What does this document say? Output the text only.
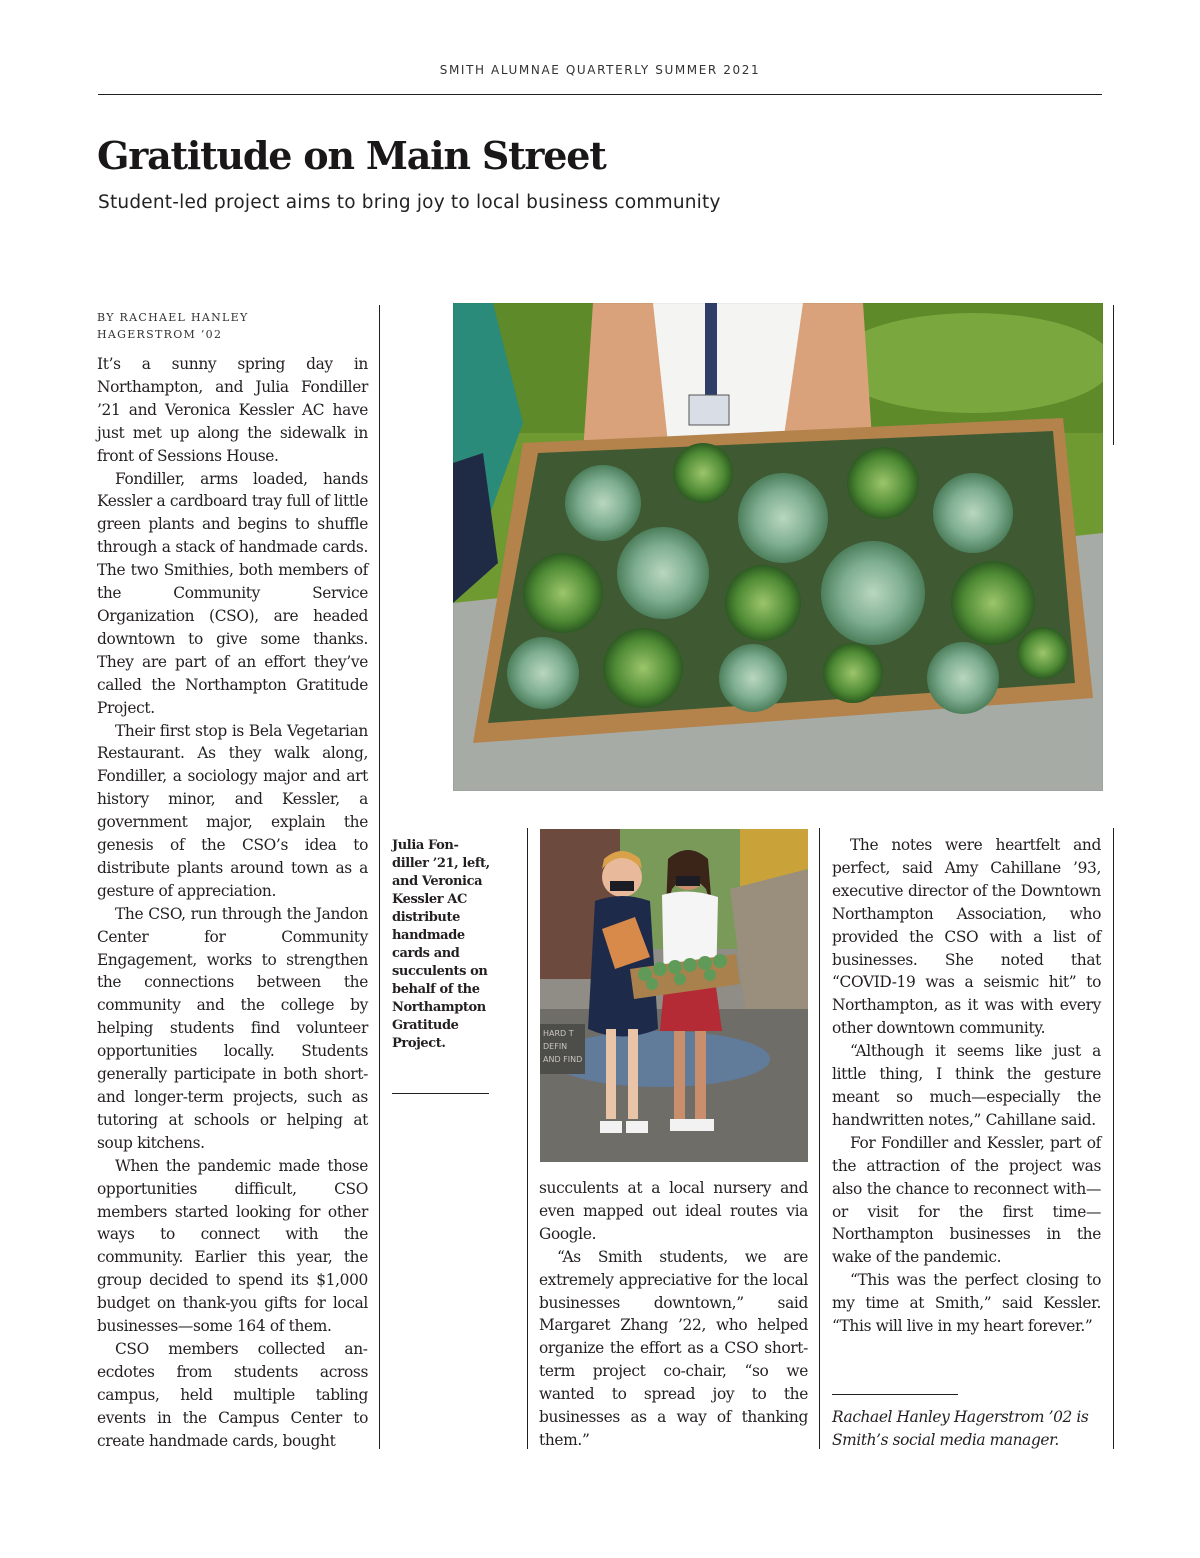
SMITH ALUMNAE QUARTERLY SUMMER 2021
Gratitude on Main Street

Student-led project aims to bring joy to local business community

BY RACHAEL HANLEY
HAGERSTROM ’02

It’s a sunny spring day in Northampton, and Julia Fondiller ’21 and Veronica Kessler AC have just met up along the sidewalk in front of Sessions House.

Fondiller, arms loaded, hands Kessler a cardboard tray full of little green plants and begins to shuffle through a stack of handmade cards. The two Smithies, both members of the Community Service Organization (CSO), are headed downtown to give some thanks. They are part of an effort they’ve called the Northampton Gratitude Project.

Their first stop is Bela Vegetarian Restaurant. As they walk along, Fondiller, a sociology major and art history minor, and Kessler, a government major, explain the genesis of the CSO’s idea to distribute plants around town as a gesture of appreciation.

The CSO, run through the Jandon Center for Community Engagement, works to strengthen the connections between the community and the college by helping students find volunteer opportunities locally. Students generally participate in both short- and longer-term projects, such as tutoring at schools or helping at soup kitchens.

When the pandemic made those opportunities difficult, CSO members started looking for other ways to connect with the community. Earlier this year, the group decided to spend its $1,000 budget on thank-you gifts for local businesses—some 164 of them.

CSO members collected anecdotes from students across campus, held multiple tabling events in the Campus Center to create handmade cards, bought

Julia Fondiller ’21, left, and Veronica Kessler AC distribute handmade cards and succulents on behalf of the Northampton Gratitude Project.
HARD T
DEFIN
AND FIND

succulents at a local nursery and even mapped out ideal routes via Google.

“As Smith students, we are extremely appreciative for the local businesses downtown,” said Margaret Zhang ’22, who helped organize the effort as a CSO short-term project co-chair, “so we wanted to spread joy to the businesses as a way of thanking them.”

The notes were heartfelt and perfect, said Amy Cahillane ’93, executive director of the Downtown Northampton Association, who provided the CSO with a list of businesses. She noted that “COVID-19 was a seismic hit” to Northampton, as it was with every other downtown community.

“Although it seems like just a little thing, I think the gesture meant so much—especially the handwritten notes,” Cahillane said.

For Fondiller and Kessler, part of the attraction of the project was also the chance to reconnect with—or visit for the first time—Northampton businesses in the wake of the pandemic.

“This was the perfect closing to my time at Smith,” said Kessler. “This will live in my heart forever.”

Rachael Hanley Hagerstrom ’02 is Smith’s social media manager.
